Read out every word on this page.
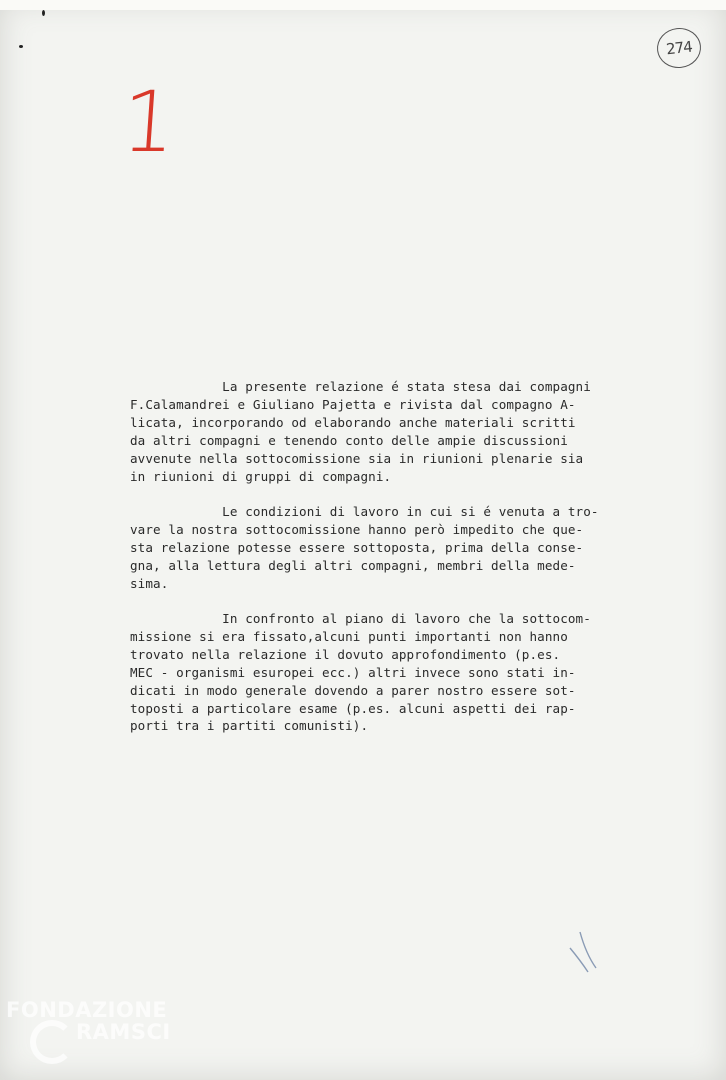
274
1

La presente relazione é stata stesa dai compagni
F.Calamandrei e Giuliano Pajetta e rivista dal compagno A-
licata, incorporando od elaborando anche materiali scritti
da altri compagni e tenendo conto delle ampie discussioni
avvenute nella sottocomissione sia in riunioni plenarie sia
in riunioni di gruppi di compagni.

Le condizioni di lavoro in cui si é venuta a tro-
vare la nostra sottocomissione hanno però impedito che que-
sta relazione potesse essere sottoposta, prima della conse-
gna, alla lettura degli altri compagni, membri della mede-
sima.

In confronto al piano di lavoro che la sottocom-
missione si era fissato,alcuni punti importanti non hanno
trovato nella relazione il dovuto approfondimento (p.es.
MEC - organismi esuropei ecc.) altri invece sono stati in-
dicati in modo generale dovendo a parer nostro essere sot-
toposti a particolare esame (p.es. alcuni aspetti dei rap-
porti tra i partiti comunisti).

FONDAZIONE
RAMSCI
